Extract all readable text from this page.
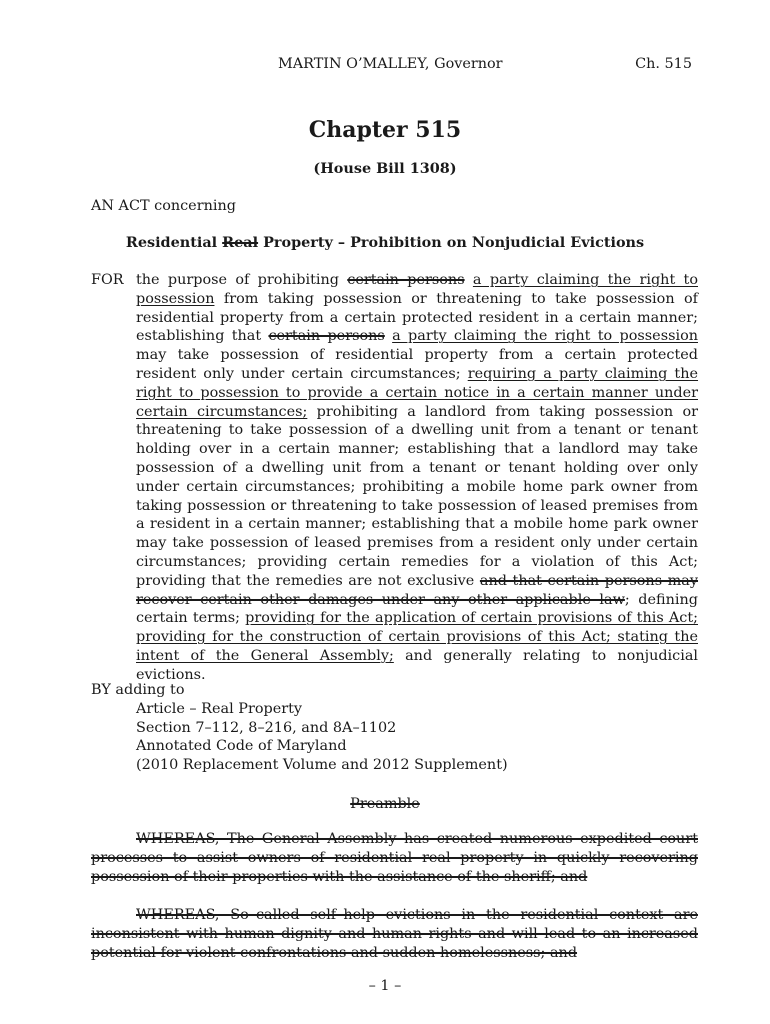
MARTIN O’MALLEY, Governor	Ch. 515
Chapter 515
(House Bill 1308)
AN ACT concerning
Residential Real Property – Prohibition on Nonjudicial Evictions
FOR the purpose of prohibiting certain persons a party claiming the right to possession from taking possession or threatening to take possession of residential property from a certain protected resident in a certain manner; establishing that certain persons a party claiming the right to possession may take possession of residential property from a certain protected resident only under certain circumstances; requiring a party claiming the right to possession to provide a certain notice in a certain manner under certain circumstances; prohibiting a landlord from taking possession or threatening to take possession of a dwelling unit from a tenant or tenant holding over in a certain manner; establishing that a landlord may take possession of a dwelling unit from a tenant or tenant holding over only under certain circumstances; prohibiting a mobile home park owner from taking possession or threatening to take possession of leased premises from a resident in a certain manner; establishing that a mobile home park owner may take possession of leased premises from a resident only under certain circumstances; providing certain remedies for a violation of this Act; providing that the remedies are not exclusive and that certain persons may recover certain other damages under any other applicable law; defining certain terms; providing for the application of certain provisions of this Act; providing for the construction of certain provisions of this Act; stating the intent of the General Assembly; and generally relating to nonjudicial evictions.
BY adding to
Article – Real Property
Section 7–112, 8–216, and 8A–1102
Annotated Code of Maryland
(2010 Replacement Volume and 2012 Supplement)
Preamble
WHEREAS, The General Assembly has created numerous expedited court processes to assist owners of residential real property in quickly recovering possession of their properties with the assistance of the sheriff; and
WHEREAS, So–called self–help evictions in the residential context are inconsistent with human dignity and human rights and will lead to an increased potential for violent confrontations and sudden homelessness; and
– 1 –
